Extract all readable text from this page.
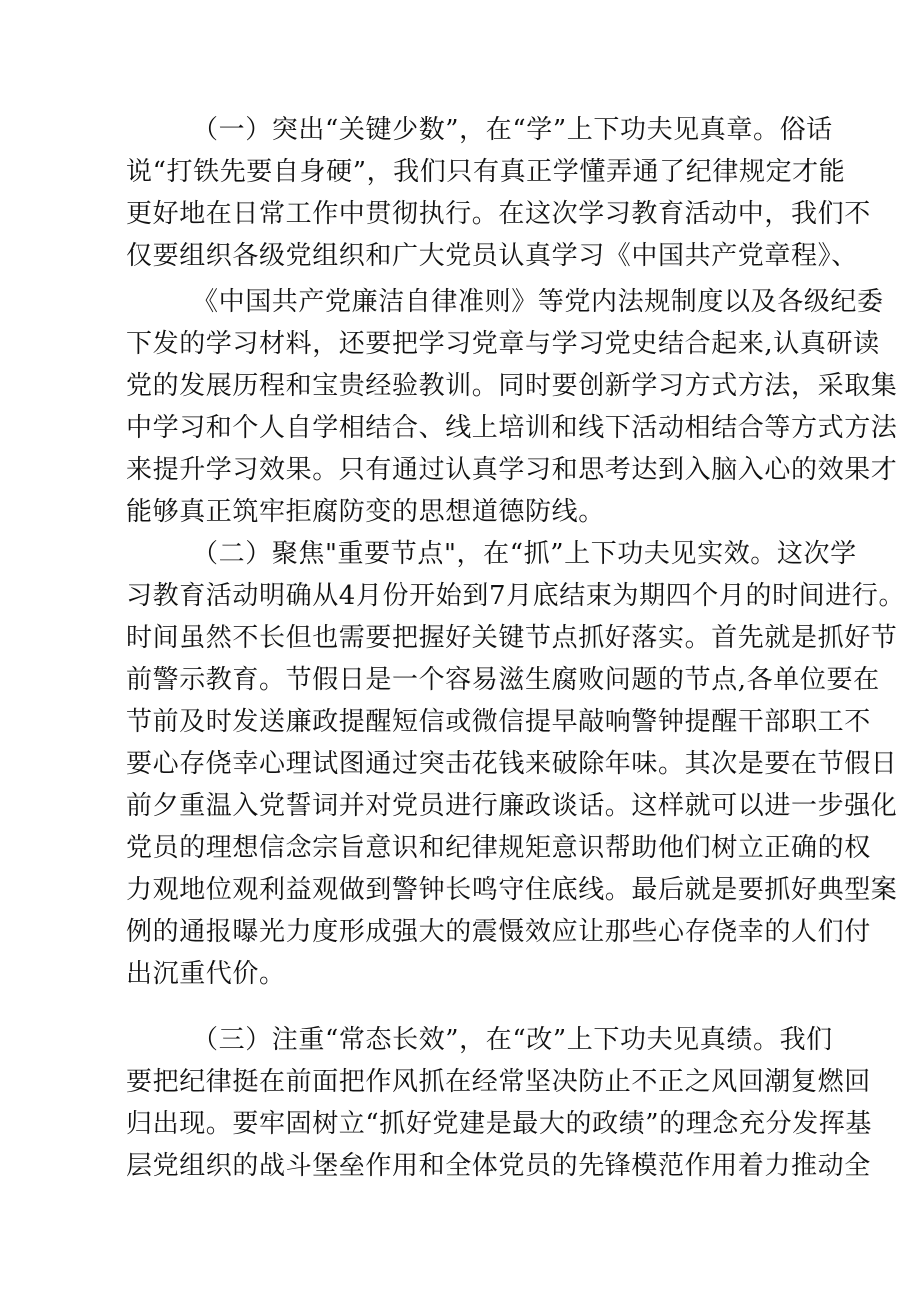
（一）突出“关键少数”，在“学”上下功夫见真章。俗话
说“打铁先要自身硬”，我们只有真正学懂弄通了纪律规定才能
更好地在日常工作中贯彻执行。在这次学习教育活动中，我们不
仅要组织各级党组织和广大党员认真学习《中国共产党章程》、
《中国共产党廉洁自律准则》等党内法规制度以及各级纪委
下发的学习材料，还要把学习党章与学习党史结合起来,认真研读
党的发展历程和宝贵经验教训。同时要创新学习方式方法，采取集
中学习和个人自学相结合、线上培训和线下活动相结合等方式方法
来提升学习效果。只有通过认真学习和思考达到入脑入心的效果才
能够真正筑牢拒腐防变的思想道德防线。
（二）聚焦"重要节点"，在“抓”上下功夫见实效。这次学
习教育活动明确从4月份开始到7月底结束为期四个月的时间进行。
时间虽然不长但也需要把握好关键节点抓好落实。首先就是抓好节
前警示教育。节假日是一个容易滋生腐败问题的节点,各单位要在
节前及时发送廉政提醒短信或微信提早敲响警钟提醒干部职工不
要心存侥幸心理试图通过突击花钱来破除年味。其次是要在节假日
前夕重温入党誓词并对党员进行廉政谈话。这样就可以进一步强化
党员的理想信念宗旨意识和纪律规矩意识帮助他们树立正确的权
力观地位观利益观做到警钟长鸣守住底线。最后就是要抓好典型案
例的通报曝光力度形成强大的震慑效应让那些心存侥幸的人们付
出沉重代价。
（三）注重“常态长效”，在“改”上下功夫见真绩。我们
要把纪律挺在前面把作风抓在经常坚决防止不正之风回潮复燃回
归出现。要牢固树立“抓好党建是最大的政绩”的理念充分发挥基
层党组织的战斗堡垒作用和全体党员的先锋模范作用着力推动全
